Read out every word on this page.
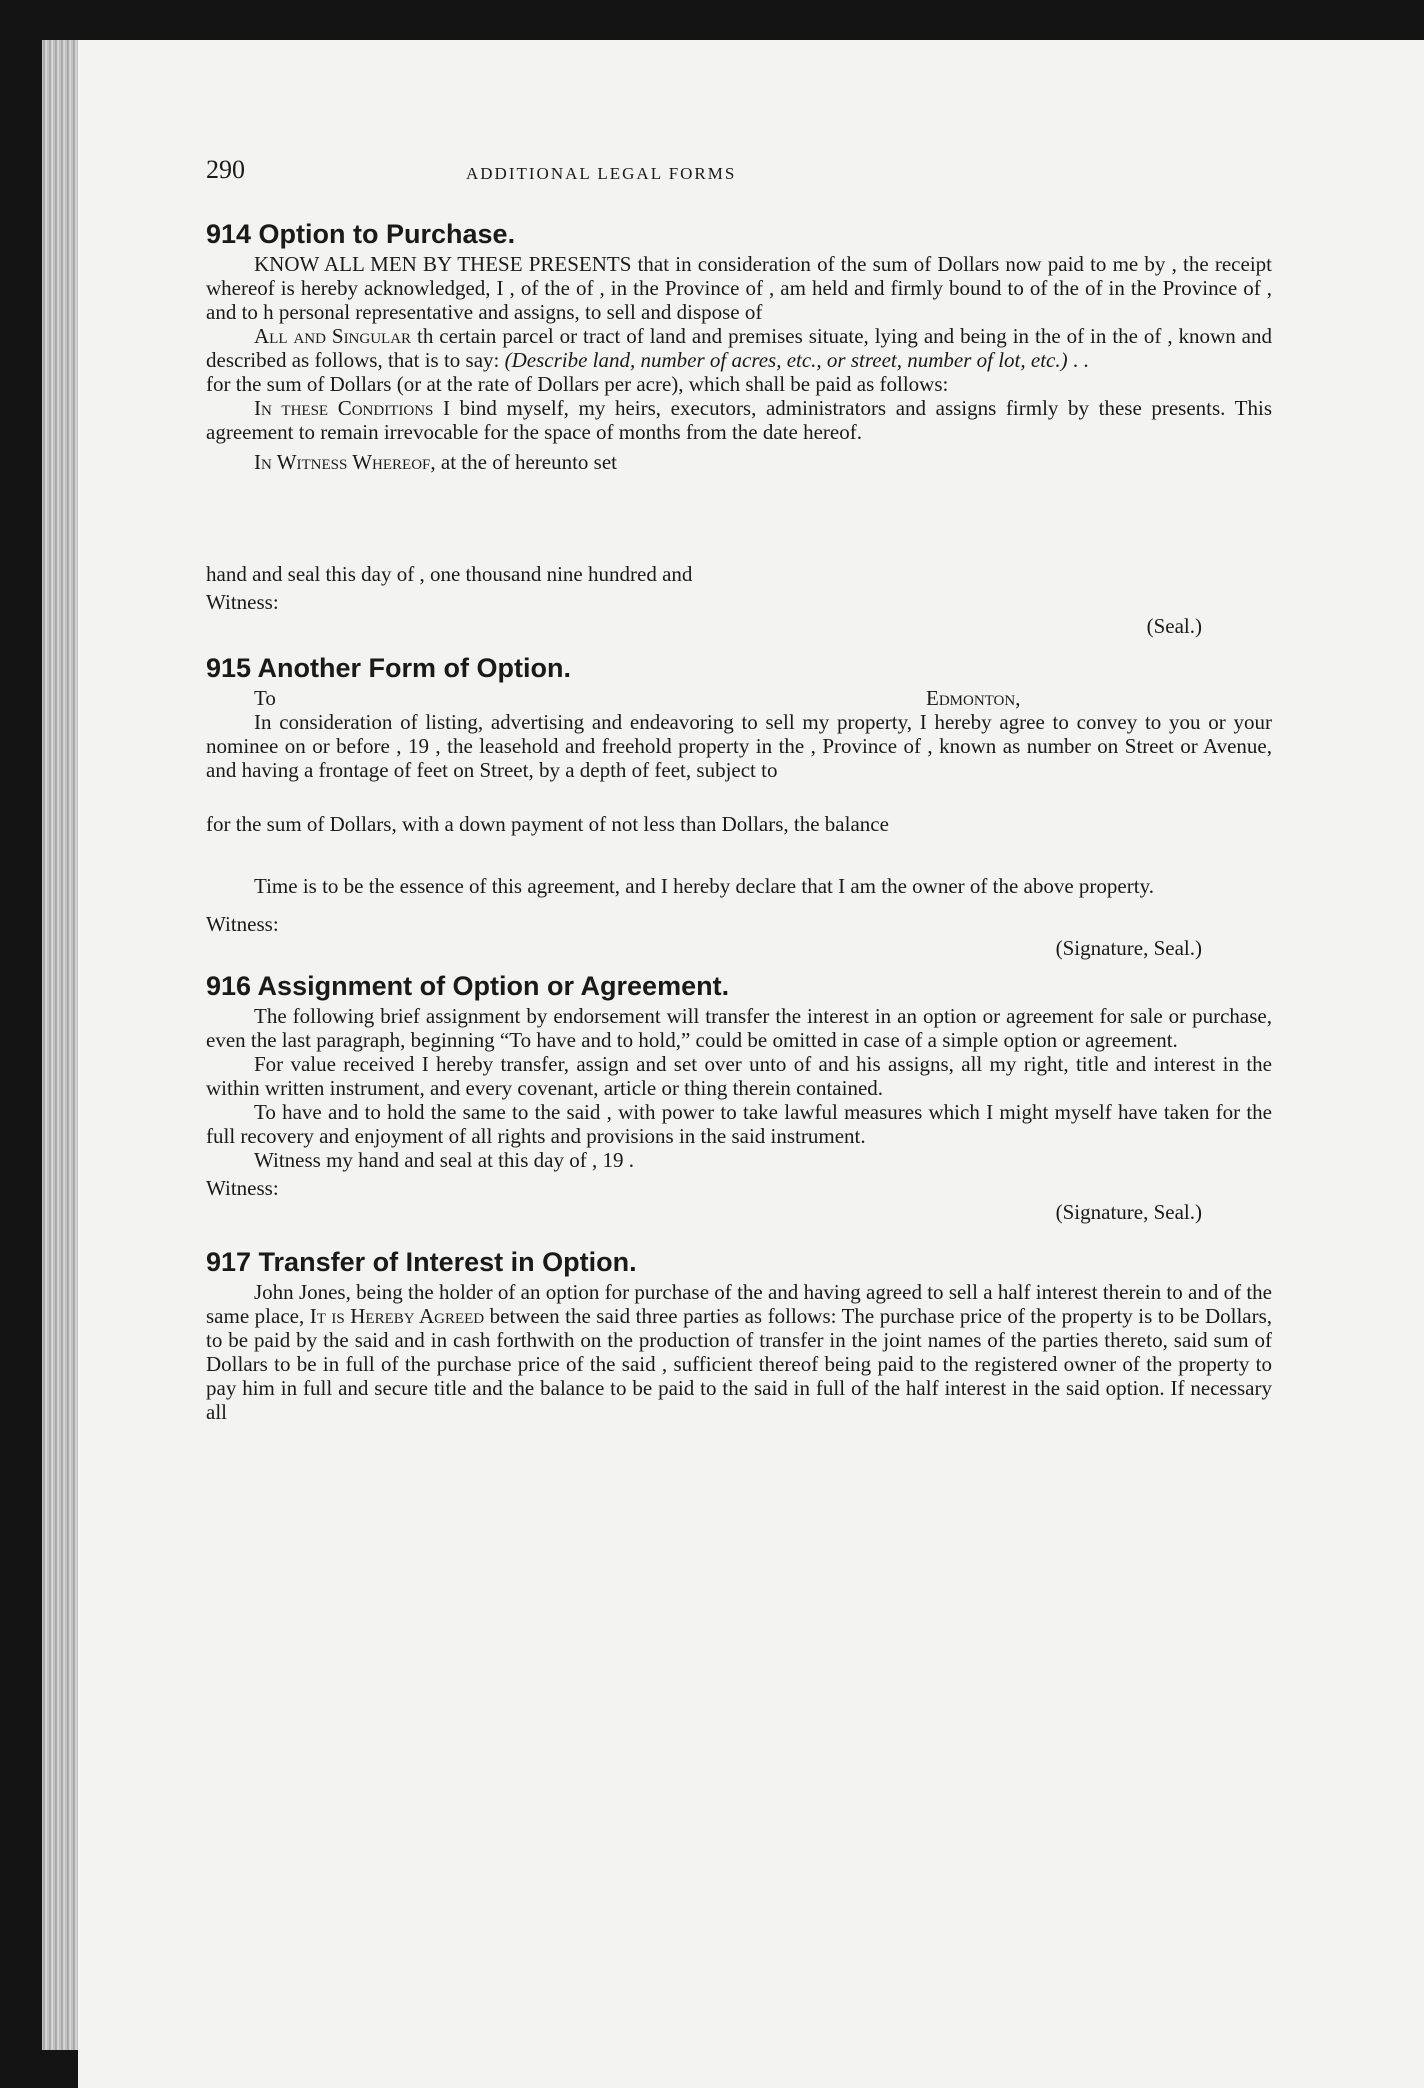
290	ADDITIONAL LEGAL FORMS
914 Option to Purchase.

KNOW ALL MEN BY THESE PRESENTS that in consideration of the sum of Dollars now paid to me by , the receipt whereof is hereby acknowledged, I , of the of , in the Province of , am held and firmly bound to of the of in the Province of , and to h personal representative and assigns, to sell and dispose of

All and Singular th certain parcel or tract of land and premises situate, lying and being in the of in the of , known and described as follows, that is to say: (Describe land, number of acres, etc., or street, number of lot, etc.) . .

for the sum of Dollars (or at the rate of Dollars per acre), which shall be paid as follows:

In these Conditions I bind myself, my heirs, executors, administrators and assigns firmly by these presents. This agreement to remain irrevocable for the space of months from the date hereof.

In Witness Whereof, at the of hereunto set

hand and seal this day of , one thousand nine hundred and

Witness:

(Seal.)

915 Another Form of Option.
To	Edmonton,

In consideration of listing, advertising and endeavoring to sell my property, I hereby agree to convey to you or your nominee on or before , 19 , the leasehold and freehold property in the , Province of , known as number on Street or Avenue, and having a frontage of feet on Street, by a depth of feet, subject to

for the sum of Dollars, with a down payment of not less than Dollars, the balance

Time is to be the essence of this agreement, and I hereby declare that I am the owner of the above property.

Witness:

(Signature, Seal.)

916 Assignment of Option or Agreement.

The following brief assignment by endorsement will transfer the interest in an option or agreement for sale or purchase, even the last paragraph, beginning “To have and to hold,” could be omitted in case of a simple option or agreement.

For value received I hereby transfer, assign and set over unto of and his assigns, all my right, title and interest in the within written instrument, and every covenant, article or thing therein contained.

To have and to hold the same to the said , with power to take lawful measures which I might myself have taken for the full recovery and enjoyment of all rights and provisions in the said instrument.

Witness my hand and seal at this day of , 19 .

Witness:

(Signature, Seal.)

917 Transfer of Interest in Option.

John Jones, being the holder of an option for purchase of the and having agreed to sell a half interest therein to and of the same place, It is Hereby Agreed between the said three parties as follows: The purchase price of the property is to be Dollars, to be paid by the said and in cash forthwith on the production of transfer in the joint names of the parties thereto, said sum of Dollars to be in full of the purchase price of the said , sufficient thereof being paid to the registered owner of the property to pay him in full and secure title and the balance to be paid to the said in full of the half interest in the said option. If necessary all
